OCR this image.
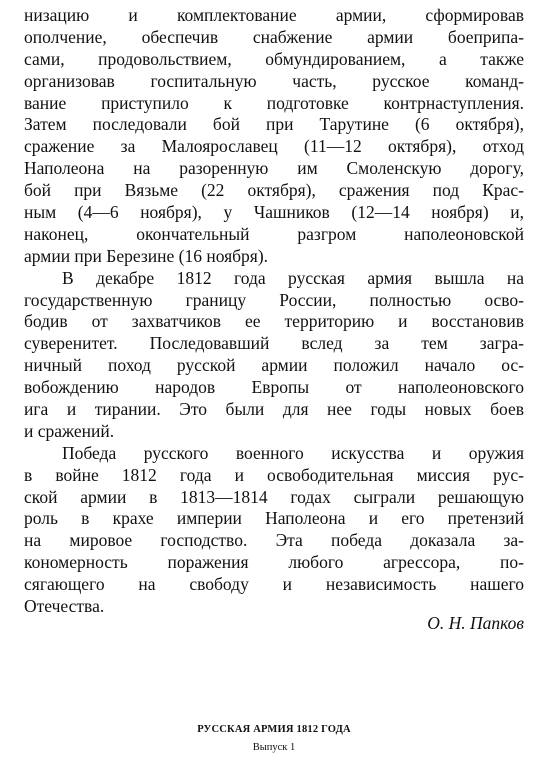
низацию и комплектование армии, сформировав
ополчение, обеспечив снабжение армии боеприпа-
сами, продовольствием, обмундированием, а также
организовав госпитальную часть, русское команд-
вание приступило к подготовке контрнаступления.
Затем последовали бой при Тарутине (6 октября),
сражение за Малоярославец (11—12 октября), отход
Наполеона на разоренную им Смоленскую дорогу,
бой при Вязьме (22 октября), сражения под Крас-
ным (4—6 ноября), у Чашников (12—14 ноября) и,
наконец, окончательный разгром наполеоновской
армии при Березине (16 ноября).
В декабре 1812 года русская армия вышла на
государственную границу России, полностью осво-
бодив от захватчиков ее территорию и восстановив
суверенитет. Последовавший вслед за тем загра-
ничный поход русской армии положил начало ос-
вобождению народов Европы от наполеоновского
ига и тирании. Это были для нее годы новых боев
и сражений.
Победа русского военного искусства и оружия
в войне 1812 года и освободительная миссия рус-
ской армии в 1813—1814 годах сыграли решающую
роль в крахе империи Наполеона и его претензий
на мировое господство. Эта победа доказала за-
кономерность поражения любого агрессора, по-
сягающего на свободу и независимость нашего
Отечества.
О. Н. Папков
РУССКАЯ АРМИЯ 1812 ГОДА
Выпуск 1
